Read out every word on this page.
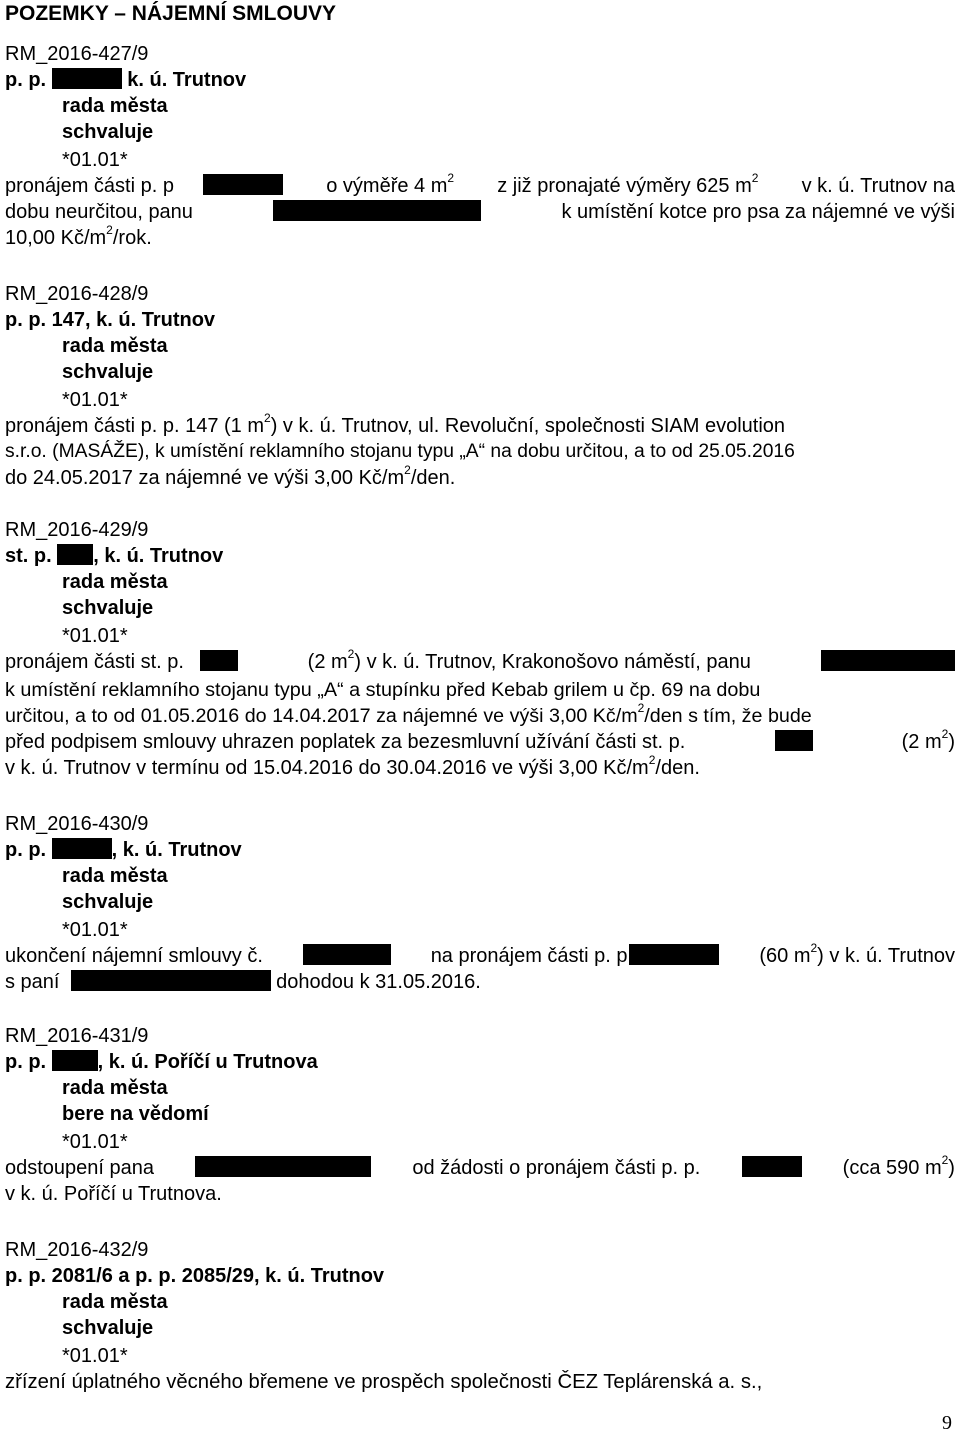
POZEMKY – NÁJEMNÍ SMLOUVY
RM_2016-427/9
p. p.	k. ú. Trutnov
rada města
schvaluje
*01.01*
pronájem části p. p	o výměře 4 $m^2$ z již pronajaté výměry 625 $m^2$ v k. ú. Trutnov na
dobu neurčitou, panu	k umístění kotce pro psa za nájemné ve výši
10,00 $Kč/m^2$/rok.
RM_2016-428/9
p. p. 147, k. ú. Trutnov
rada města
schvaluje
*01.01*
pronájem části p. p. 147 (1 $m^2$) v k. ú. Trutnov, ul. Revoluční, společnosti SIAM evolution
s.r.o. (MASÁŽE), k umístění reklamního stojanu typu „A“ na dobu určitou, a to od 25.05.2016
do 24.05.2017 za nájemné ve výši 3,00 $Kč/m^2$/den.
RM_2016-429/9
st. p. , k. ú. Trutnov
rada města
schvaluje
*01.01*
pronájem části st. p.	(2 $m^2$) v k. ú. Trutnov, Krakonošovo náměstí, panu
k umístění reklamního stojanu typu „A“ a stupínku před Kebab grilem u čp. 69 na dobu
určitou, a to od 01.05.2016 do 14.04.2017 za nájemné ve výši 3,00 $Kč/m^2$/den s tím, že bude
před podpisem smlouvy uhrazen poplatek za bezesmluvní užívání části st. p.	(2 $m^2$)
v k. ú. Trutnov v termínu od 15.04.2016 do 30.04.2016 ve výši 3,00 $Kč/m^2$/den.
RM_2016-430/9
p. p.	, k. ú. Trutnov
rada města
schvaluje
*01.01*
ukončení nájemní smlouvy č.	na pronájem části p. p	(60 $m^2$) v k. ú. Trutnov
s paní	dohodou k 31.05.2016.
RM_2016-431/9
p. p.	, k. ú. Poříčí u Trutnova
rada města
bere na vědomí
*01.01*
odstoupení pana	od žádosti o pronájem části p. p.	(cca 590 $m^2$)
v k. ú. Poříčí u Trutnova.
RM_2016-432/9
p. p. 2081/6 a p. p. 2085/29, k. ú. Trutnov
rada města
schvaluje
*01.01*
zřízení úplatného věcného břemene ve prospěch společnosti ČEZ Teplárenská a. s.,
9
